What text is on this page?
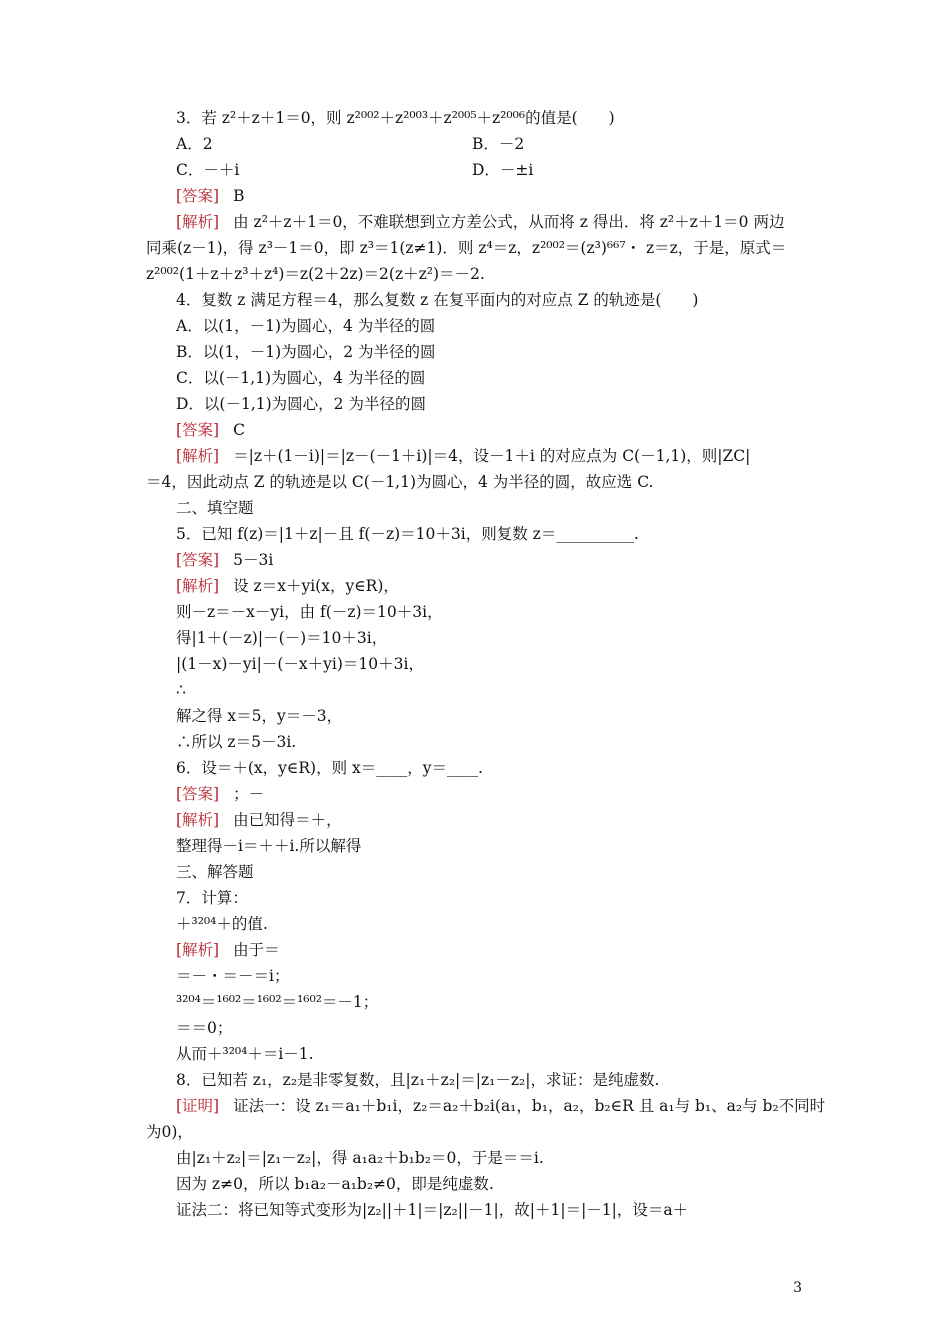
3．若 z²＋z＋1＝0，则 z²⁰⁰²＋z²⁰⁰³＋z²⁰⁰⁵＋z²⁰⁰⁶的值是(　　)
A．2	B．－2
C．－＋i	D．－±i
[答案] B
[解析] 由 z²＋z＋1＝0，不难联想到立方差公式，从而将 z 得出．将 z²＋z＋1＝0 两边
同乘(z－1)，得 z³－1＝0，即 z³＝1(z≠1)．则 z⁴＝z，z²⁰⁰²＝(z³)⁶⁶⁷・ z＝z，于是，原式＝
z²⁰⁰²(1＋z＋z³＋z⁴)＝z(2＋2z)＝2(z＋z²)＝－2.
4．复数 z 满足方程＝4，那么复数 z 在复平面内的对应点 Z 的轨迹是(　　)
A．以(1，－1)为圆心，4 为半径的圆
B．以(1，－1)为圆心，2 为半径的圆
C．以(－1,1)为圆心，4 为半径的圆
D．以(－1,1)为圆心，2 为半径的圆
[答案] C
[解析] ＝|z＋(1－i)|＝|z－(－1＋i)|＝4，设－1＋i 的对应点为 C(－1,1)，则|ZC|
＝4，因此动点 Z 的轨迹是以 C(－1,1)为圆心，4 为半径的圆，故应选 C.
二、填空题
5．已知 f(z)＝|1＋z|－且 f(－z)＝10＋3i，则复数 z＝__________.
[答案] 5－3i
[解析] 设 z＝x＋yi(x，y∈R)，
则－z＝－x－yi，由 f(－z)＝10＋3i，
得|1＋(－z)|－(－)＝10＋3i，
|(1－x)－yi|－(－x＋yi)＝10＋3i，
∴
解之得 x＝5，y＝－3，
∴所以 z＝5－3i.
6．设＝＋(x，y∈R)，则 x＝____，y＝____.
[答案] ；－
[解析] 由已知得＝＋，
整理得－i＝＋＋i.所以解得
三、解答题
7．计算：
＋³²⁰⁴＋的值.
[解析] 由于＝
＝－・＝－＝i；
³²⁰⁴＝¹⁶⁰²＝¹⁶⁰²＝¹⁶⁰²＝－1；
＝＝0；
从而＋³²⁰⁴＋＝i－1.
8．已知若 z₁，z₂是非零复数，且|z₁＋z₂|＝|z₁－z₂|，求证：是纯虚数.
[证明] 证法一：设 z₁＝a₁＋b₁i，z₂＝a₂＋b₂i(a₁，b₁，a₂，b₂∈R 且 a₁与 b₁、a₂与 b₂不同时
为0)，
由|z₁＋z₂|＝|z₁－z₂|，得 a₁a₂＋b₁b₂＝0，于是＝＝i.
因为 z≠0，所以 b₁a₂－a₁b₂≠0，即是纯虚数.
证法二：将已知等式变形为|z₂||＋1|＝|z₂||－1|，故|＋1|＝|－1|，设＝a＋
3
